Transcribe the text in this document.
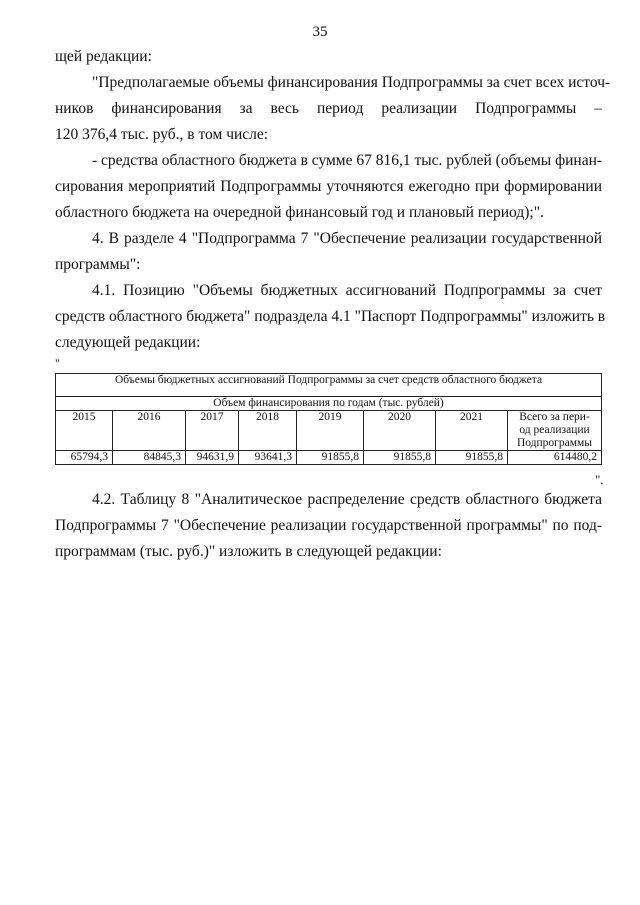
35
щей редакции:
"Предполагаемые объемы финансирования Подпрограммы за счет всех источ-
ников финансирования за весь период реализации Подпрограммы –
120 376,4 тыс. руб., в том числе:
- средства областного бюджета в сумме 67 816,1 тыс. рублей (объемы финан-
сирования мероприятий Подпрограммы уточняются ежегодно при формировании
областного бюджета на очередной финансовый год и плановый период);".
4. В разделе 4 "Подпрограмма 7 "Обеспечение реализации государственной
программы":
4.1. Позицию "Объемы бюджетных ассигнований Подпрограммы за счет
средств областного бюджета" подраздела 4.1 "Паспорт Подпрограммы" изложить в
следующей редакции:
"
Объемы бюджетных ассигнований Подпрограммы за счет средств областного бюджета							
Объем финансирования по годам (тыс. рублей)							
2015	2016	2017	2018	2019	2020	2021	Всего за пери-
од реализации
Подпрограммы
65794,3	84845,3	94631,9	93641,3	91855,8	91855,8	91855,8	614480,2
".
4.2. Таблицу 8 "Аналитическое распределение средств областного бюджета
Подпрограммы 7 "Обеспечение реализации государственной программы" по под-
программам (тыс. руб.)" изложить в следующей редакции:
